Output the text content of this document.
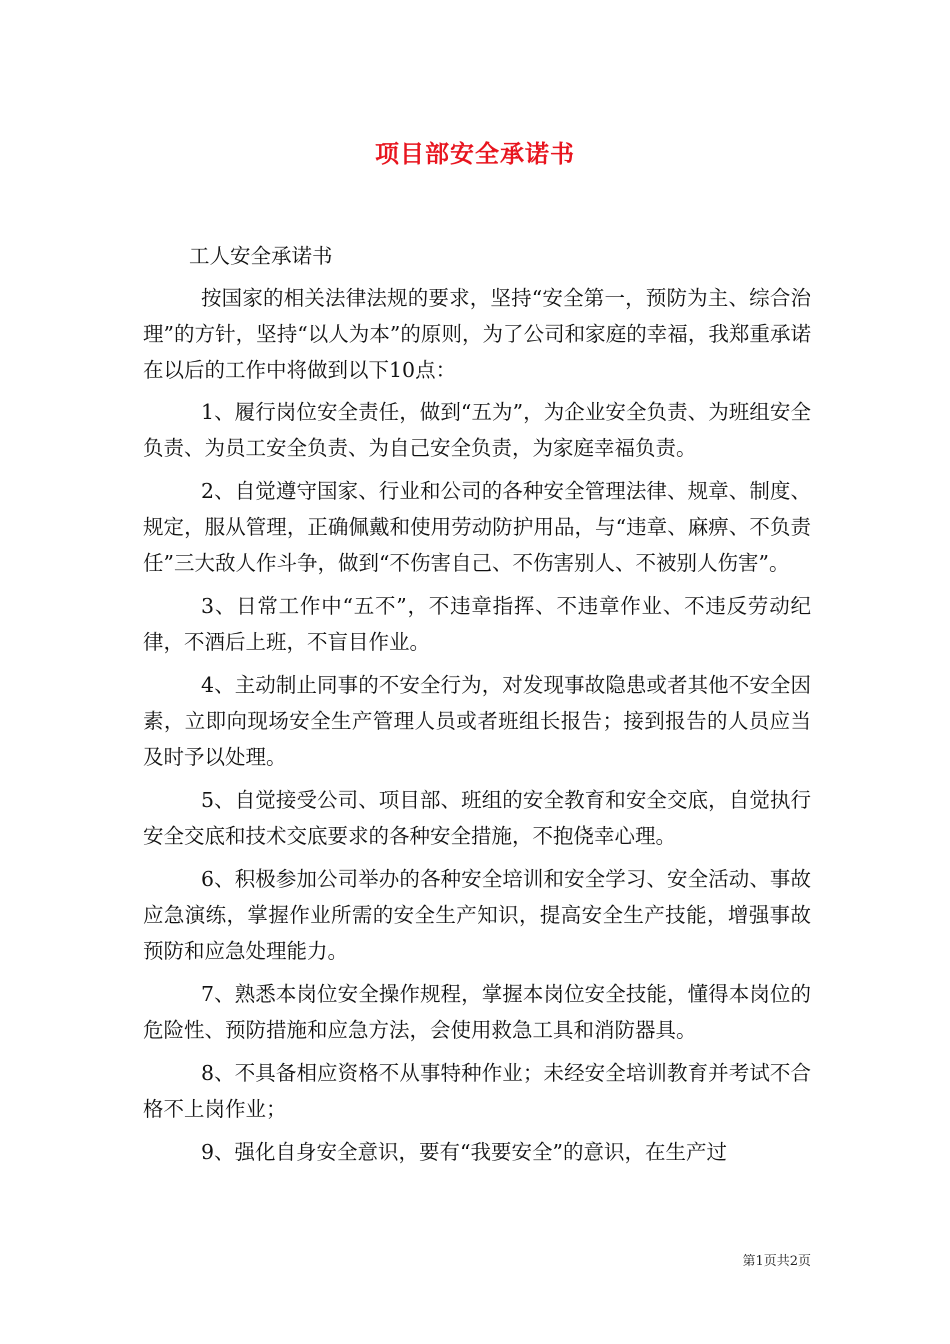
项目部安全承诺书

工人安全承诺书

按国家的相关法律法规的要求，坚持“安全第一，预防为主、综合治理”的方针，坚持“以人为本”的原则，为了公司和家庭的幸福，我郑重承诺在以后的工作中将做到以下10点：

1、履行岗位安全责任，做到“五为”，为企业安全负责、为班组安全负责、为员工安全负责、为自己安全负责，为家庭幸福负责。

2、自觉遵守国家、行业和公司的各种安全管理法律、规章、制度、规定，服从管理，正确佩戴和使用劳动防护用品，与“违章、麻痹、不负责任”三大敌人作斗争，做到“不伤害自己、不伤害别人、不被别人伤害”。

3、日常工作中“五不”，不违章指挥、不违章作业、不违反劳动纪律，不酒后上班，不盲目作业。

4、主动制止同事的不安全行为，对发现事故隐患或者其他不安全因素，立即向现场安全生产管理人员或者班组长报告；接到报告的人员应当及时予以处理。

5、自觉接受公司、项目部、班组的安全教育和安全交底，自觉执行安全交底和技术交底要求的各种安全措施，不抱侥幸心理。

6、积极参加公司举办的各种安全培训和安全学习、安全活动、事故应急演练，掌握作业所需的安全生产知识，提高安全生产技能，增强事故预防和应急处理能力。

7、熟悉本岗位安全操作规程，掌握本岗位安全技能，懂得本岗位的危险性、预防措施和应急方法，会使用救急工具和消防器具。

8、不具备相应资格不从事特种作业；未经安全培训教育并考试不合格不上岗作业；

9、强化自身安全意识，要有“我要安全”的意识，在生产过

第1页共2页
